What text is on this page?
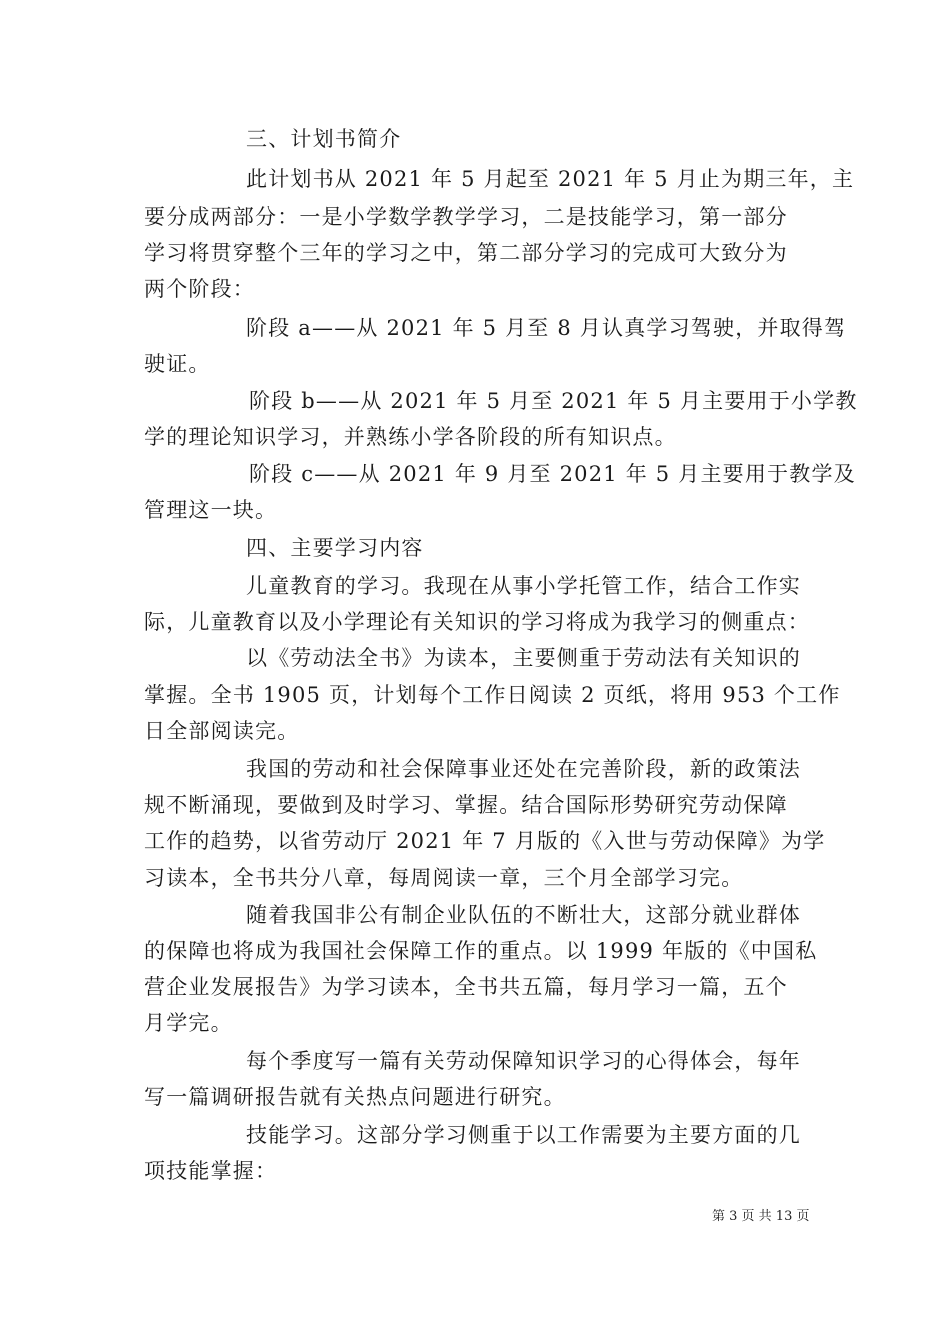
三、计划书简介
此计划书从 2021 年 5 月起至 2021 年 5 月止为期三年，主
要分成两部分：一是小学数学教学学习，二是技能学习，第一部分
学习将贯穿整个三年的学习之中，第二部分学习的完成可大致分为
两个阶段：
阶段 a——从 2021 年 5 月至 8 月认真学习驾驶，并取得驾
驶证。
阶段 b——从 2021 年 5 月至 2021 年 5 月主要用于小学教
学的理论知识学习，并熟练小学各阶段的所有知识点。
阶段 c——从 2021 年 9 月至 2021 年 5 月主要用于教学及
管理这一块。
四、主要学习内容
儿童教育的学习。我现在从事小学托管工作，结合工作实
际，儿童教育以及小学理论有关知识的学习将成为我学习的侧重点：
以《劳动法全书》为读本，主要侧重于劳动法有关知识的
掌握。全书 1905 页，计划每个工作日阅读 2 页纸，将用 953 个工作
日全部阅读完。
我国的劳动和社会保障事业还处在完善阶段，新的政策法
规不断涌现，要做到及时学习、掌握。结合国际形势研究劳动保障
工作的趋势，以省劳动厅 2021 年 7 月版的《入世与劳动保障》为学
习读本，全书共分八章，每周阅读一章，三个月全部学习完。
随着我国非公有制企业队伍的不断壮大，这部分就业群体
的保障也将成为我国社会保障工作的重点。以 1999 年版的《中国私
营企业发展报告》为学习读本，全书共五篇，每月学习一篇，五个
月学完。
每个季度写一篇有关劳动保障知识学习的心得体会，每年
写一篇调研报告就有关热点问题进行研究。
技能学习。这部分学习侧重于以工作需要为主要方面的几
项技能掌握：
第 3 页 共 13 页
